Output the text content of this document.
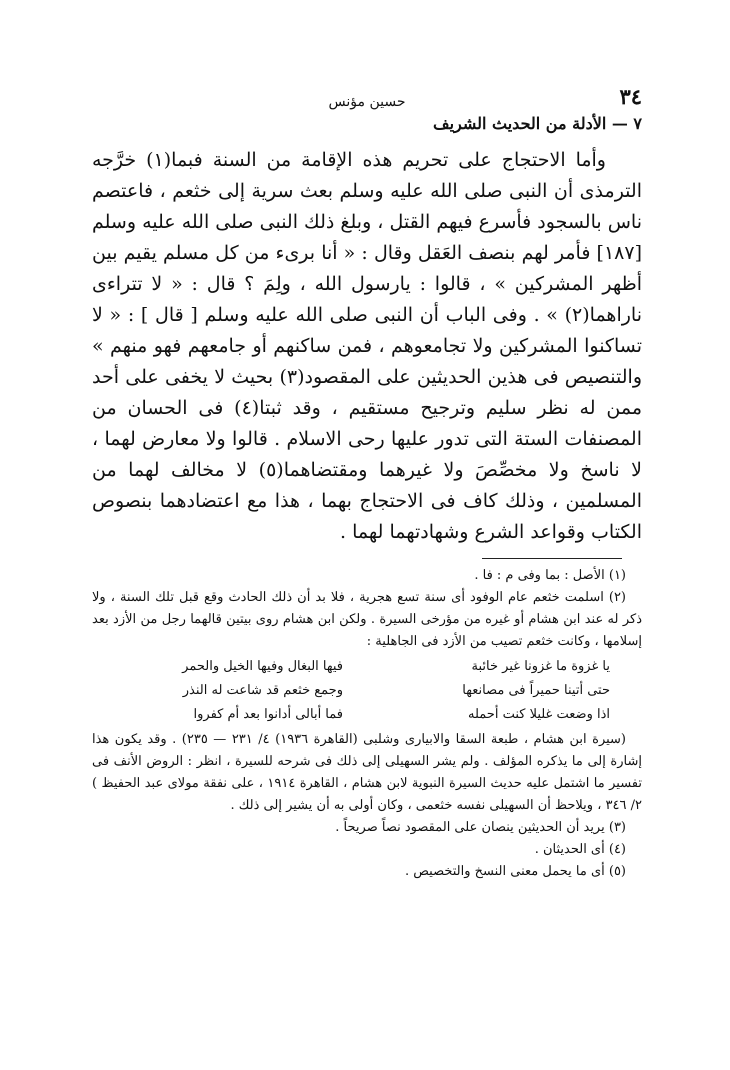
٣٤
حسين مؤنس
٧ — الأدلة من الحديث الشريف

وأما الاحتجاج على تحريم هذه الإقامة من السنة فبما(١) خرَّجه الترمذى أن النبى صلى الله عليه وسلم بعث سرية إلى خثعم ، فاعتصم ناس بالسجود فأسرع فيهم القتل ، وبلغ ذلك النبى صلى الله عليه وسلم [١٨٧] فأمر لهم بنصف العَقل وقال : « أنا برىء من كل مسلم يقيم بين أظهر المشركين » ، قالوا : يارسول الله ، ولِمَ ؟ قال : « لا تتراءى ناراهما(٢) » . وفى الباب أن النبى صلى الله عليه وسلم [ قال ] : « لا تساكنوا المشركين ولا تجامعوهم ، فمن ساكنهم أو جامعهم فهو منهم » والتنصيص فى هذين الحديثين على المقصود(٣) بحيث لا يخفى على أحد ممن له نظر سليم وترجيح مستقيم ، وقد ثبتا(٤) فى الحسان من المصنفات الستة التى تدور عليها رحى الاسلام . قالوا ولا معارض لهما ، لا ناسخ ولا مخصِّصَ ولا غيرهما ومقتضاهما(٥) لا مخالف لهما من المسلمين ، وذلك كاف فى الاحتجاج بهما ، هذا مع اعتضادهما بنصوص الكتاب وقواعد الشرع وشهادتهما لهما .

(١) الأصل : بما وفى م : فا .

(٢) اسلمت خثعم عام الوفود أى سنة تسع هجرية ، فلا بد أن ذلك الحادث وقع قبل تلك السنة ، ولا ذكر له عند ابن هشام أو غيره من مؤرخى السيرة . ولكن ابن هشام روى بيتين قالهما رجل من الأزد بعد إسلامها ، وكانت خثعم تصيب من الأزد فى الجاهلية :

يا غزوة ما غزونا غير خائبة
فيها البغال وفيها الخيل والحمر
حتى أتينا حميراً فى مصانعها
وجمع خثعم قد شاعت له النذر
اذا وضعت غليلا كنت أحمله
فما أبالى أدانوا بعد أم كفروا

(سيرة ابن هشام ، طبعة السقا والابيارى وشلبى (القاهرة ١٩٣٦) ٤/ ٢٣١ — ٢٣٥) . وقد يكون هذا إشارة إلى ما يذكره المؤلف . ولم يشر السهيلى إلى ذلك فى شرحه للسيرة ، انظر : الروض الأنف فى تفسير ما اشتمل عليه حديث السيرة النبوية لابن هشام ، القاهرة ١٩١٤ ، على نفقة مولاى عبد الحفيظ ) ٢/ ٣٤٦ ، ويلاحظ أن السهيلى نفسه خثعمى ، وكان أولى به أن يشير إلى ذلك .

(٣) يريد أن الحديثين ينصان على المقصود نصاً صريحاً .

(٤) أى الحديثان .

(٥) أى ما يحمل معنى النسخ والتخصيص .
